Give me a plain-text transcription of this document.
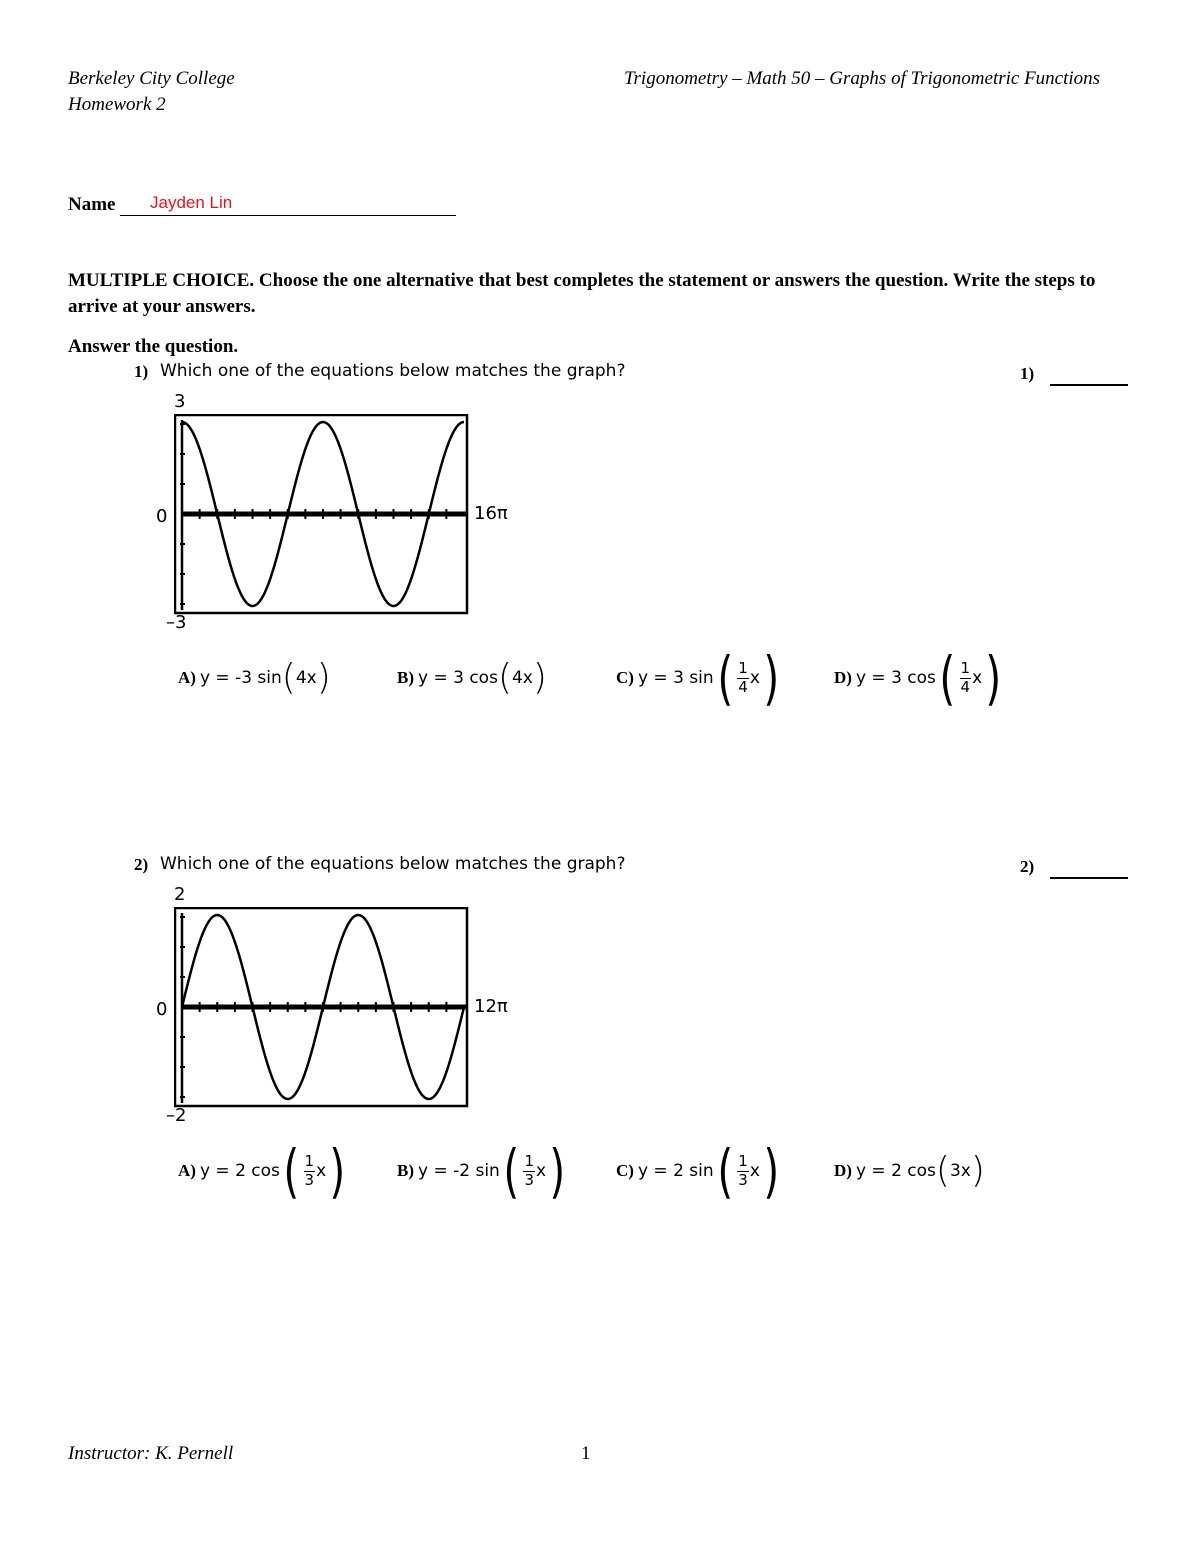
Berkeley City College
Homework 2
Trigonometry – Math 50 – Graphs of Trigonometric Functions
Name Jayden Lin
MULTIPLE CHOICE. Choose the one alternative that best completes the statement or answers the question. Write the steps to arrive at your answers.
Answer the question.
1) Which one of the equations below matches the graph?	1)
3
0
–3
16π
A) y = -3 sin ( 4x )	B) y = 3 cos ( 4x )	C) y = 3 sin ( $\frac{1}{4}$ x )	D) y = 3 cos ( $\frac{1}{4}$ x )
2) Which one of the equations below matches the graph?	2)
2
0
–2
12π
A) y = 2 cos ( $\frac{1}{3}$ x )	B) y = -2 sin ( $\frac{1}{3}$ x )	C) y = 2 sin ( $\frac{1}{3}$ x )	D) y = 2 cos ( 3x )
Instructor: K. Pernell	1
